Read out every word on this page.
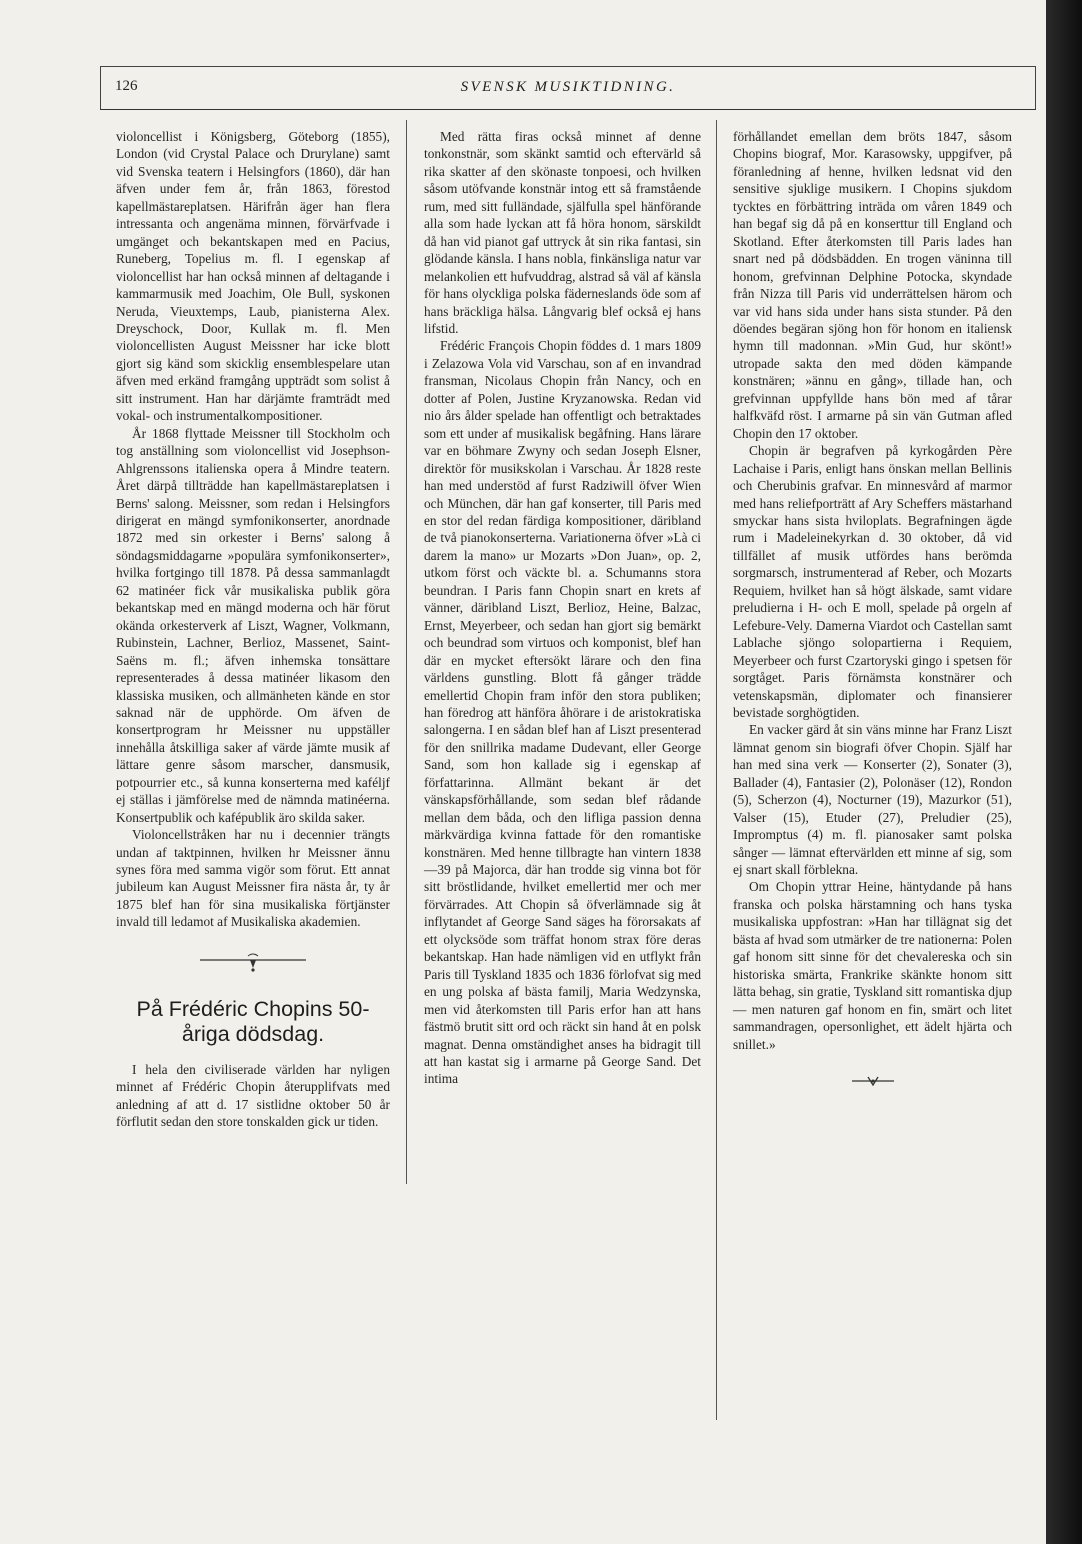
126	SVENSK MUSIKTIDNING.

violoncellist i Königsberg, Göteborg (1855), London (vid Crystal Palace och Drurylane) samt vid Svenska teatern i Helsingfors (1860), där han äfven under fem år, från 1863, förestod kapellmästareplatsen. Härifrån äger han flera intressanta och angenäma minnen, förvärfvade i umgänget och bekantskapen med en Pacius, Runeberg, Topelius m. fl. I egenskap af violoncellist har han också minnen af deltagande i kammarmusik med Joachim, Ole Bull, syskonen Neruda, Vieuxtemps, Laub, pianisterna Alex. Dreyschock, Door, Kullak m. fl. Men violoncellisten August Meissner har icke blott gjort sig känd som skicklig ensemblespelare utan äfven med erkänd framgång uppträdt som solist å sitt instrument. Han har därjämte framträdt med vokal- och instrumentalkompositioner.

År 1868 flyttade Meissner till Stockholm och tog anställning som violoncellist vid Josephson-Ahlgrenssons italienska opera å Mindre teatern. Året därpå tillträdde han kapellmästareplatsen i Berns' salong. Meissner, som redan i Helsingfors dirigerat en mängd symfonikonserter, anordnade 1872 med sin orkester i Berns' salong å söndagsmiddagarne »populära symfonikonserter», hvilka fortgingo till 1878. På dessa sammanlagdt 62 matinéer fick vår musikaliska publik göra bekantskap med en mängd moderna och här förut okända orkesterverk af Liszt, Wagner, Volkmann, Rubinstein, Lachner, Berlioz, Massenet, Saint-Saëns m. fl.; äfven inhemska tonsättare representerades å dessa matinéer likasom den klassiska musiken, och allmänheten kände en stor saknad när de upphörde. Om äfven de konsertprogram hr Meissner nu uppställer innehålla åtskilliga saker af värde jämte musik af lättare genre såsom marscher, dansmusik, potpourrier etc., så kunna konserterna med kaféljf ej ställas i jämförelse med de nämnda matinéerna. Konsertpublik och kafépublik äro skilda saker.

Violoncellstråken har nu i decennier trängts undan af taktpinnen, hvilken hr Meissner ännu synes föra med samma vigör som förut. Ett annat jubileum kan August Meissner fira nästa år, ty år 1875 blef han för sina musikaliska förtjänster invald till ledamot af Musikaliska akademien.

På Frédéric Chopins 50-
åriga dödsdag.

I hela den civiliserade världen har nyligen minnet af Frédéric Chopin återupplifvats med anledning af att d. 17 sistlidne oktober 50 år förflutit sedan den store tonskalden gick ur tiden.

Med rätta firas också minnet af denne tonkonstnär, som skänkt samtid och eftervärld så rika skatter af den skönaste tonpoesi, och hvilken såsom utöfvande konstnär intog ett så framstående rum, med sitt fulländade, själfulla spel hänförande alla som hade lyckan att få höra honom, särskildt då han vid pianot gaf uttryck åt sin rika fantasi, sin glödande känsla. I hans nobla, finkänsliga natur var melankolien ett hufvuddrag, alstrad så väl af känsla för hans olyckliga polska fäderneslands öde som af hans bräckliga hälsa. Långvarig blef också ej hans lifstid.

Frédéric François Chopin föddes d. 1 mars 1809 i Zelazowa Vola vid Varschau, son af en invandrad fransman, Nicolaus Chopin från Nancy, och en dotter af Polen, Justine Kryzanowska. Redan vid nio års ålder spelade han offentligt och betraktades som ett under af musikalisk begåfning. Hans lärare var en böhmare Zwyny och sedan Joseph Elsner, direktör för musikskolan i Varschau. År 1828 reste han med understöd af furst Radziwill öfver Wien och München, där han gaf konserter, till Paris med en stor del redan färdiga kompositioner, däribland de två pianokonserterna. Variationerna öfver »Là ci darem la mano» ur Mozarts »Don Juan», op. 2, utkom först och väckte bl. a. Schumanns stora beundran. I Paris fann Chopin snart en krets af vänner, däribland Liszt, Berlioz, Heine, Balzac, Ernst, Meyerbeer, och sedan han gjort sig bemärkt och beundrad som virtuos och komponist, blef han där en mycket eftersökt lärare och den fina världens gunstling. Blott få gånger trädde emellertid Chopin fram inför den stora publiken; han föredrog att hänföra åhörare i de aristokratiska salongerna. I en sådan blef han af Liszt presenterad för den snillrika madame Dudevant, eller George Sand, som hon kallade sig i egenskap af författarinna. Allmänt bekant är det vänskapsförhållande, som sedan blef rådande mellan dem båda, och den lifliga passion denna märkvärdiga kvinna fattade för den romantiske konstnären. Med henne tillbragte han vintern 1838—39 på Majorca, där han trodde sig vinna bot för sitt bröstlidande, hvilket emellertid mer och mer förvärrades. Att Chopin så öfverlämnade sig åt inflytandet af George Sand säges ha förorsakats af ett olycksöde som träffat honom strax före deras bekantskap. Han hade nämligen vid en utflykt från Paris till Tyskland 1835 och 1836 förlofvat sig med en ung polska af bästa familj, Maria Wedzynska, men vid återkomsten till Paris erfor han att hans fästmö brutit sitt ord och räckt sin hand åt en polsk magnat. Denna omständighet anses ha bidragit till att han kastat sig i armarne på George Sand. Det intima

förhållandet emellan dem bröts 1847, såsom Chopins biograf, Mor. Karasowsky, uppgifver, på föranledning af henne, hvilken ledsnat vid den sensitive sjuklige musikern. I Chopins sjukdom tycktes en förbättring inträda om våren 1849 och han begaf sig då på en konserttur till England och Skotland. Efter återkomsten till Paris lades han snart ned på dödsbädden. En trogen väninna till honom, grefvinnan Delphine Potocka, skyndade från Nizza till Paris vid underrättelsen härom och var vid hans sida under hans sista stunder. På den döendes begäran sjöng hon för honom en italiensk hymn till madonnan. »Min Gud, hur skönt!» utropade sakta den med döden kämpande konstnären; »ännu en gång», tillade han, och grefvinnan uppfyllde hans bön med af tårar halfkväfd röst. I armarne på sin vän Gutman afled Chopin den 17 oktober.

Chopin är begrafven på kyrkogården Père Lachaise i Paris, enligt hans önskan mellan Bellinis och Cherubinis grafvar. En minnesvård af marmor med hans reliefporträtt af Ary Scheffers mästarhand smyckar hans sista hviloplats. Begrafningen ägde rum i Madeleinekyrkan d. 30 oktober, då vid tillfället af musik utfördes hans berömda sorgmarsch, instrumenterad af Reber, och Mozarts Requiem, hvilket han så högt älskade, samt vidare preludierna i H- och E moll, spelade på orgeln af Lefebure-Vely. Damerna Viardot och Castellan samt Lablache sjöngo solopartierna i Requiem, Meyerbeer och furst Czartoryski gingo i spetsen för sorgtåget. Paris förnämsta konstnärer och vetenskapsmän, diplomater och finansierer bevistade sorghögtiden.

En vacker gärd åt sin väns minne har Franz Liszt lämnat genom sin biografi öfver Chopin. Själf har han med sina verk — Konserter (2), Sonater (3), Ballader (4), Fantasier (2), Polonäser (12), Rondon (5), Scherzon (4), Nocturner (19), Mazurkor (51), Valser (15), Etuder (27), Preludier (25), Impromptus (4) m. fl. pianosaker samt polska sånger — lämnat eftervärlden ett minne af sig, som ej snart skall förblekna.

Om Chopin yttrar Heine, häntydande på hans franska och polska härstamning och hans tyska musikaliska uppfostran: »Han har tillägnat sig det bästa af hvad som utmärker de tre nationerna: Polen gaf honom sitt sinne för det chevalereska och sin historiska smärta, Frankrike skänkte honom sitt lätta behag, sin gratie, Tyskland sitt romantiska djup — men naturen gaf honom en fin, smärt och litet sammandragen, opersonlighet, ett ädelt hjärta och snillet.»
